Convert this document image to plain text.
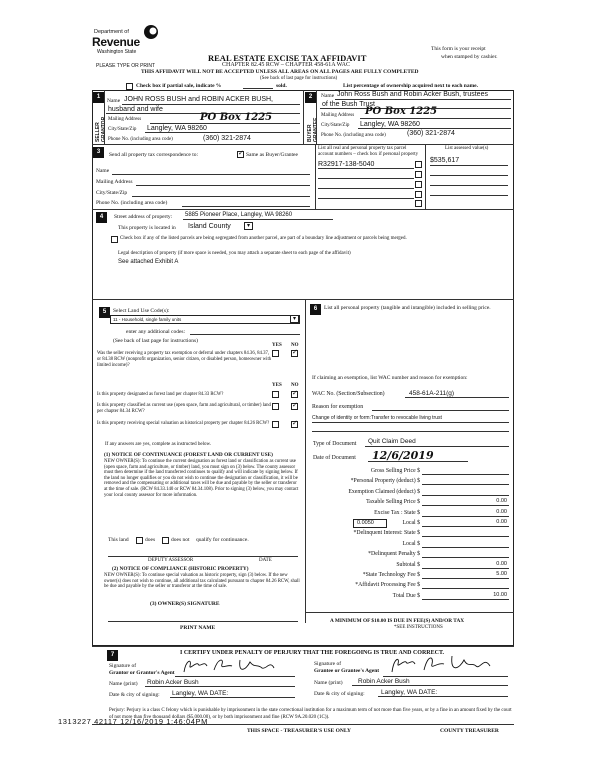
Department of
Revenue
Washington State
PLEASE TYPE OR PRINT
REAL ESTATE EXCISE TAX AFFIDAVIT
CHAPTER 82.45 RCW – CHAPTER 458-61A WAC
THIS AFFIDAVIT WILL NOT BE ACCEPTED UNLESS ALL AREAS ON ALL PAGES ARE FULLY COMPLETED
(See back of last page for instructions)
This form is your receipt
when stamped by cashier.
Check box if partial sale, indicate %	sold.	List percentage of ownership acquired next to each name.
1
SELLER GRANTOR
Name JOHN ROSS BUSH and ROBIN ACKER BUSH,
husband and wife
Mailing Address	PO Box 1225
City/State/Zip Langley, WA 98260
Phone No. (including area code)	(360) 321-2874
2
BUYER GRANTEE
Name John Ross Bush and Robin Acker Bush, trustees
of the Bush Trust
Mailing Address PO Box 1225
City/State/Zip Langley, WA 98260
Phone No. (including area code)	(360) 321-2874
3	Send all property tax correspondence to:
✓	Same as Buyer/Grantee
Name
Mailing Address
City/State/Zip
Phone No. (including area code)
List all real and personal property tax parcel account numbers – check box if personal property
List assessed value(s)
R32917-138-5040
$535,617
4	Street address of property: 5885 Pioneer Place, Langley, WA 98260
This property is located in Island County	▾
Check box if any of the listed parcels are being segregated from another parcel, are part of a boundary line adjustment or parcels being merged.
Legal description of property (if more space is needed, you may attach a separate sheet to each page of the affidavit)
See attached Exhibit A
5	Select Land Use Code(s):
11 - Household, single family units	▾
enter any additional codes:
(See back of last page for instructions)
YES NO
Was the seller receiving a property tax exemption or deferral under chapters 84.36, 84.37, or 84.38 RCW (nonprofit organization, senior citizen, or disabled person, homeowner with limited income)?
✓
YES NO
Is this property designated as forest land per chapter 84.33 RCW?
✓
Is this property classified as current use (open space, farm and agricultural, or timber) land per chapter 84.34 RCW?
✓
Is this property receiving special valuation as historical property per chapter 84.26 RCW?
✓
If any answers are yes, complete as instructed below.
(1) NOTICE OF CONTINUANCE (FOREST LAND OR CURRENT USE)
NEW OWNER(S): To continue the current designation as forest land or classification as current use (open space, farm and agriculture, or timber) land, you must sign on (3) below. The county assessor must then determine if the land transferred continues to qualify and will indicate by signing below. If the land no longer qualifies or you do not wish to continue the designation or classification, it will be removed and the compensating or additional taxes will be due and payable by the seller or transferor at the time of sale. (RCW 84.33.140 or RCW 84.34.108). Prior to signing (3) below, you may contact your local county assessor for more information.
This land	does	does not qualify for continuance.
DEPUTY ASSESSOR	DATE
(2) NOTICE OF COMPLIANCE (HISTORIC PROPERTY)
NEW OWNER(S): To continue special valuation as historic property, sign (3) below. If the new owner(s) does not wish to continue, all additional tax calculated pursuant to chapter 84.26 RCW, shall be due and payable by the seller or transferor at the time of sale.
(3) OWNER(S) SIGNATURE
PRINT NAME
6	List all personal property (tangible and intangible) included in selling price.
If claiming an exemption, list WAC number and reason for exemption:
WAC No. (Section/Subsection)	458-61A-211(g)
Reason for exemption
Change of identity or form:Transfer to revocable living trust
Type of Document Quit Claim Deed
Date of Document 12/6/2019
Gross Selling Price $
*Personal Property (deduct) $
Exemption Claimed (deduct) $
Taxable Selling Price $	0.00
Excise Tax : State $	0.00
Local $	0.00
*Delinquent Interest: State $
Local $
*Delinquent Penalty $
Subtotal $	0.00
*State Technology Fee $	5.00
*Affidavit Processing Fee $
Total Due $	10.00
0.0050
A MINIMUM OF $10.00 IS DUE IN FEE(S) AND/OR TAX
*SEE INSTRUCTIONS
7	I CERTIFY UNDER PENALTY OF PERJURY THAT THE FOREGOING IS TRUE AND CORRECT.
Signature of
Grantor or Grantor's Agent
Name (print) Robin Acker Bush
Date & city of signing: Langley, WA DATE:
Signature of
Grantee or Grantee's Agent
Name (print) Robin Acker Bush
Date & city of signing:	Langley, WA DATE:
Perjury: Perjury is a class C felony which is punishable by imprisonment in the state correctional institution for a maximum term of not more than five years, or by a fine in an amount fixed by the court of not more than five thousand dollars ($5,000.00), or by both imprisonment and fine (RCW 9A.20.020 (1C)).
1313227 42117 12/16/2019 1:46:04PM
THIS SPACE - TREASURER'S USE ONLY	COUNTY TREASURER
